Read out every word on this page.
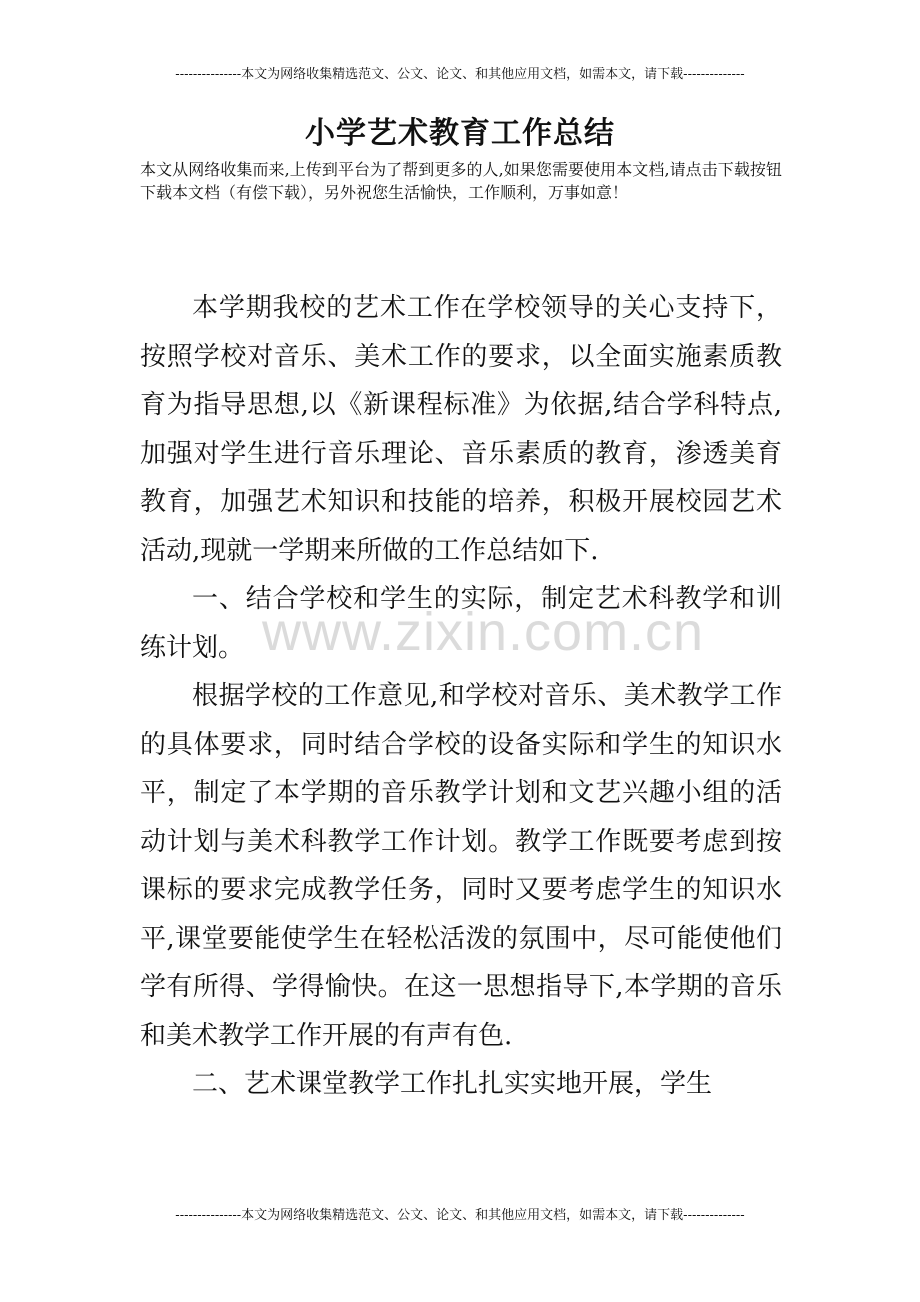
---------------本文为网络收集精选范文、公文、论文、和其他应用文档，如需本文，请下载--------------
小学艺术教育工作总结
本文从网络收集而来,上传到平台为了帮到更多的人,如果您需要使用本文档,请点击下载按钮下载本文档（有偿下载），另外祝您生活愉快，工作顺利，万事如意！

本学期我校的艺术工作在学校领导的关心支持下，按照学校对音乐、美术工作的要求，以全面实施素质教育为指导思想,以《新课程标准》为依据,结合学科特点,加强对学生进行音乐理论、音乐素质的教育，渗透美育教育，加强艺术知识和技能的培养，积极开展校园艺术活动,现就一学期来所做的工作总结如下.

一、结合学校和学生的实际，制定艺术科教学和训练计划。

根据学校的工作意见,和学校对音乐、美术教学工作的具体要求，同时结合学校的设备实际和学生的知识水平，制定了本学期的音乐教学计划和文艺兴趣小组的活动计划与美术科教学工作计划。教学工作既要考虑到按课标的要求完成教学任务，同时又要考虑学生的知识水平,课堂要能使学生在轻松活泼的氛围中，尽可能使他们学有所得、学得愉快。在这一思想指导下,本学期的音乐和美术教学工作开展的有声有色.

二、艺术课堂教学工作扎扎实实地开展，学生

www.zixin.com.cn
---------------本文为网络收集精选范文、公文、论文、和其他应用文档，如需本文，请下载--------------
